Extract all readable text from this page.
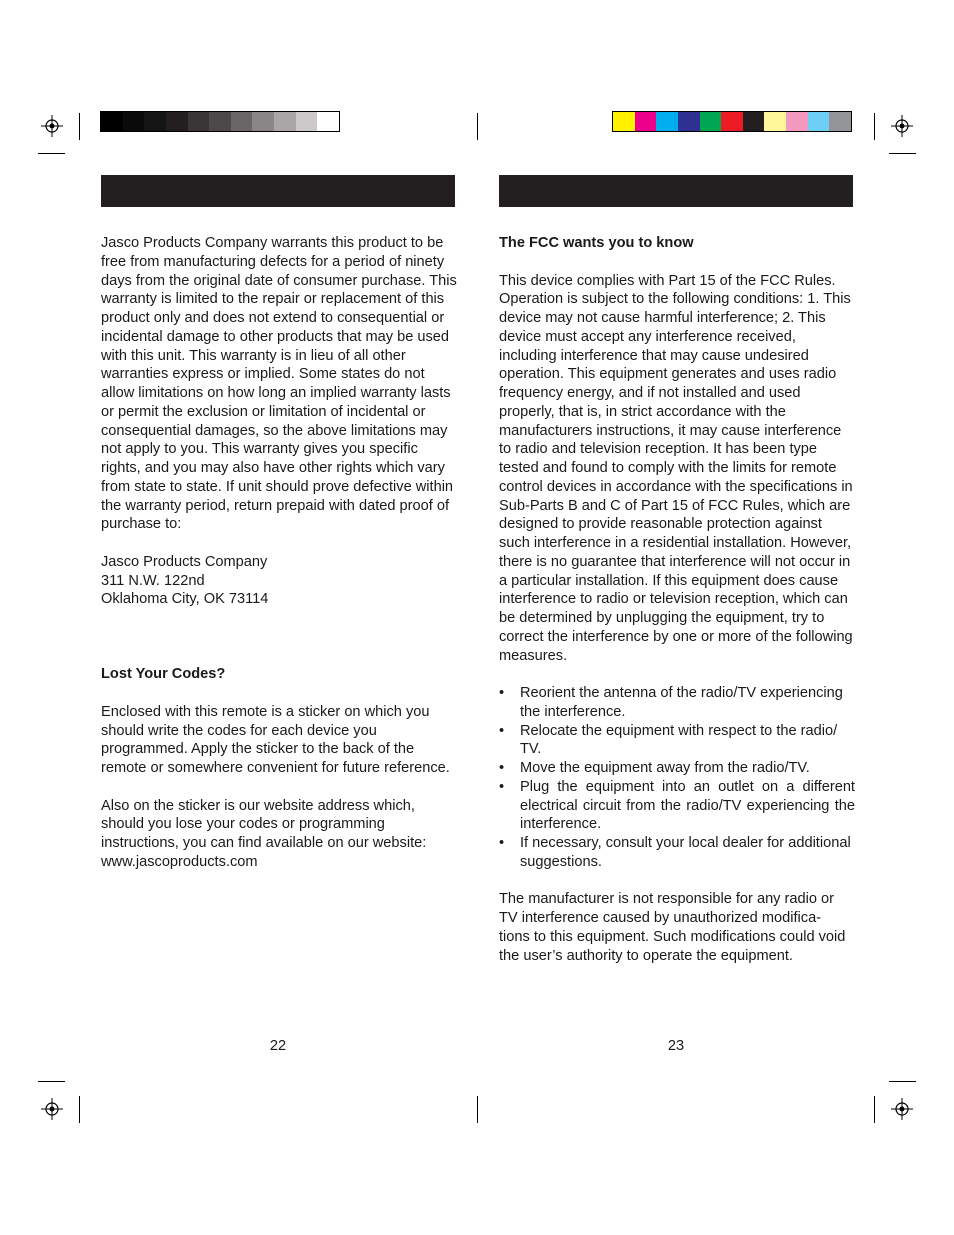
Jasco Products Company warrants this product to be free from manufacturing defects for a period of ninety days from the original date of consumer purchase. This warranty is limited to the repair or replacement of this product only and does not extend to consequential or incidental damage to other products that may be used with this unit. This warranty is in lieu of all other warranties express or implied. Some states do not allow limitations on how long an implied warranty lasts or permit the exclusion or limitation of incidental or consequential damages, so the above limitations may not apply to you. This warranty gives you specific rights, and you may also have other rights which vary from state to state. If unit should prove defective within the warranty period, return prepaid with dated proof of purchase to:

Jasco Products Company

311 N.W. 122nd

Oklahoma City, OK 73114

Lost Your Codes?

Enclosed with this remote is a sticker on which you should write the codes for each device you programmed. Apply the sticker to the back of the remote or somewhere convenient for future reference.

Also on the sticker is our website address which, should you lose your codes or programming instructions, you can find available on our website: www.jascoproducts.com

The FCC wants you to know

This device complies with Part 15 of the FCC Rules. Operation is subject to the following conditions: 1. This device may not cause harmful interference; 2. This device must accept any interference received, including interference that may cause undesired operation. This equipment generates and uses radio frequency energy, and if not installed and used properly, that is, in strict accordance with the manufacturers instructions, it may cause interference to radio and television reception. It has been type tested and found to comply with the limits for remote control devices in accordance with the specifications in Sub-Parts B and C of Part 15 of FCC Rules, which are designed to provide reasonable protection against such interference in a residential installation. However, there is no guarantee that interference will not occur in a particular installation. If this equipment does cause interference to radio or television reception, which can be determined by unplugging the equipment, try to correct the interference by one or more of the following measures.

• Reorient the antenna of the radio/TV experiencing the interference.
• Relocate the equipment with respect to the radio/ TV.
• Move the equipment away from the radio/TV.
• Plug the equipment into an outlet on a different electrical circuit from the radio/TV experiencing the interference.
• If necessary, consult your local dealer for additional suggestions.

The manufacturer is not responsible for any radio or TV interference caused by unauthorized modifica- tions to this equipment. Such modifications could void the user’s authority to operate the equipment.

22	23
